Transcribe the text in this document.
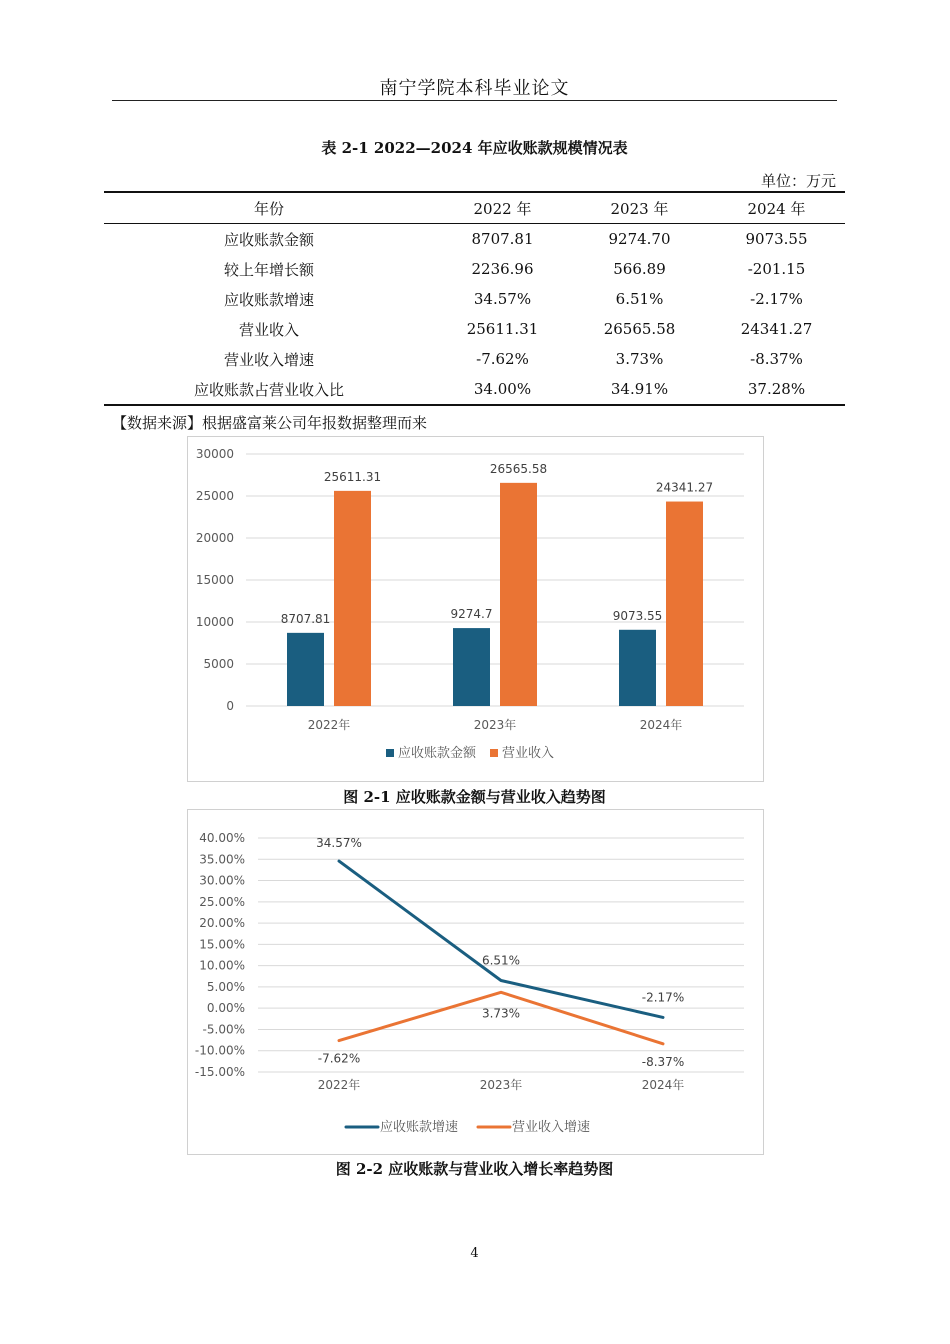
南宁学院本科毕业论文
表 2-1 2022—2024 年应收账款规模情况表
单位：万元
年份	2022 年	2023 年	2024 年
应收账款金额	8707.81	9274.70	9073.55
较上年增长额	2236.96	566.89	-201.15
应收账款增速	34.57%	6.51%	-2.17%
营业收入	25611.31	26565.58	24341.27
营业收入增速	-7.62%	3.73%	-8.37%
应收账款占营业收入比	34.00%	34.91%	37.28%
【数据来源】根据盛富莱公司年报数据整理而来
0
5000
10000
15000
20000
25000
30000
8707.81
25611.31
2022年
9274.7
26565.58
2023年
9073.55
24341.27
2024年
应收账款金额 营业收入
图 2-1 应收账款金额与营业收入趋势图
-15.00%
-10.00%
-5.00%
0.00%
5.00%
10.00%
15.00%
20.00%
25.00%
30.00%
35.00%
40.00%
2022年	2023年	2024年
34.57%
6.51%
-2.17%
-7.62%
3.73%
-8.37%
应收账款增速	营业收入增速
图 2-2 应收账款与营业收入增长率趋势图
4
